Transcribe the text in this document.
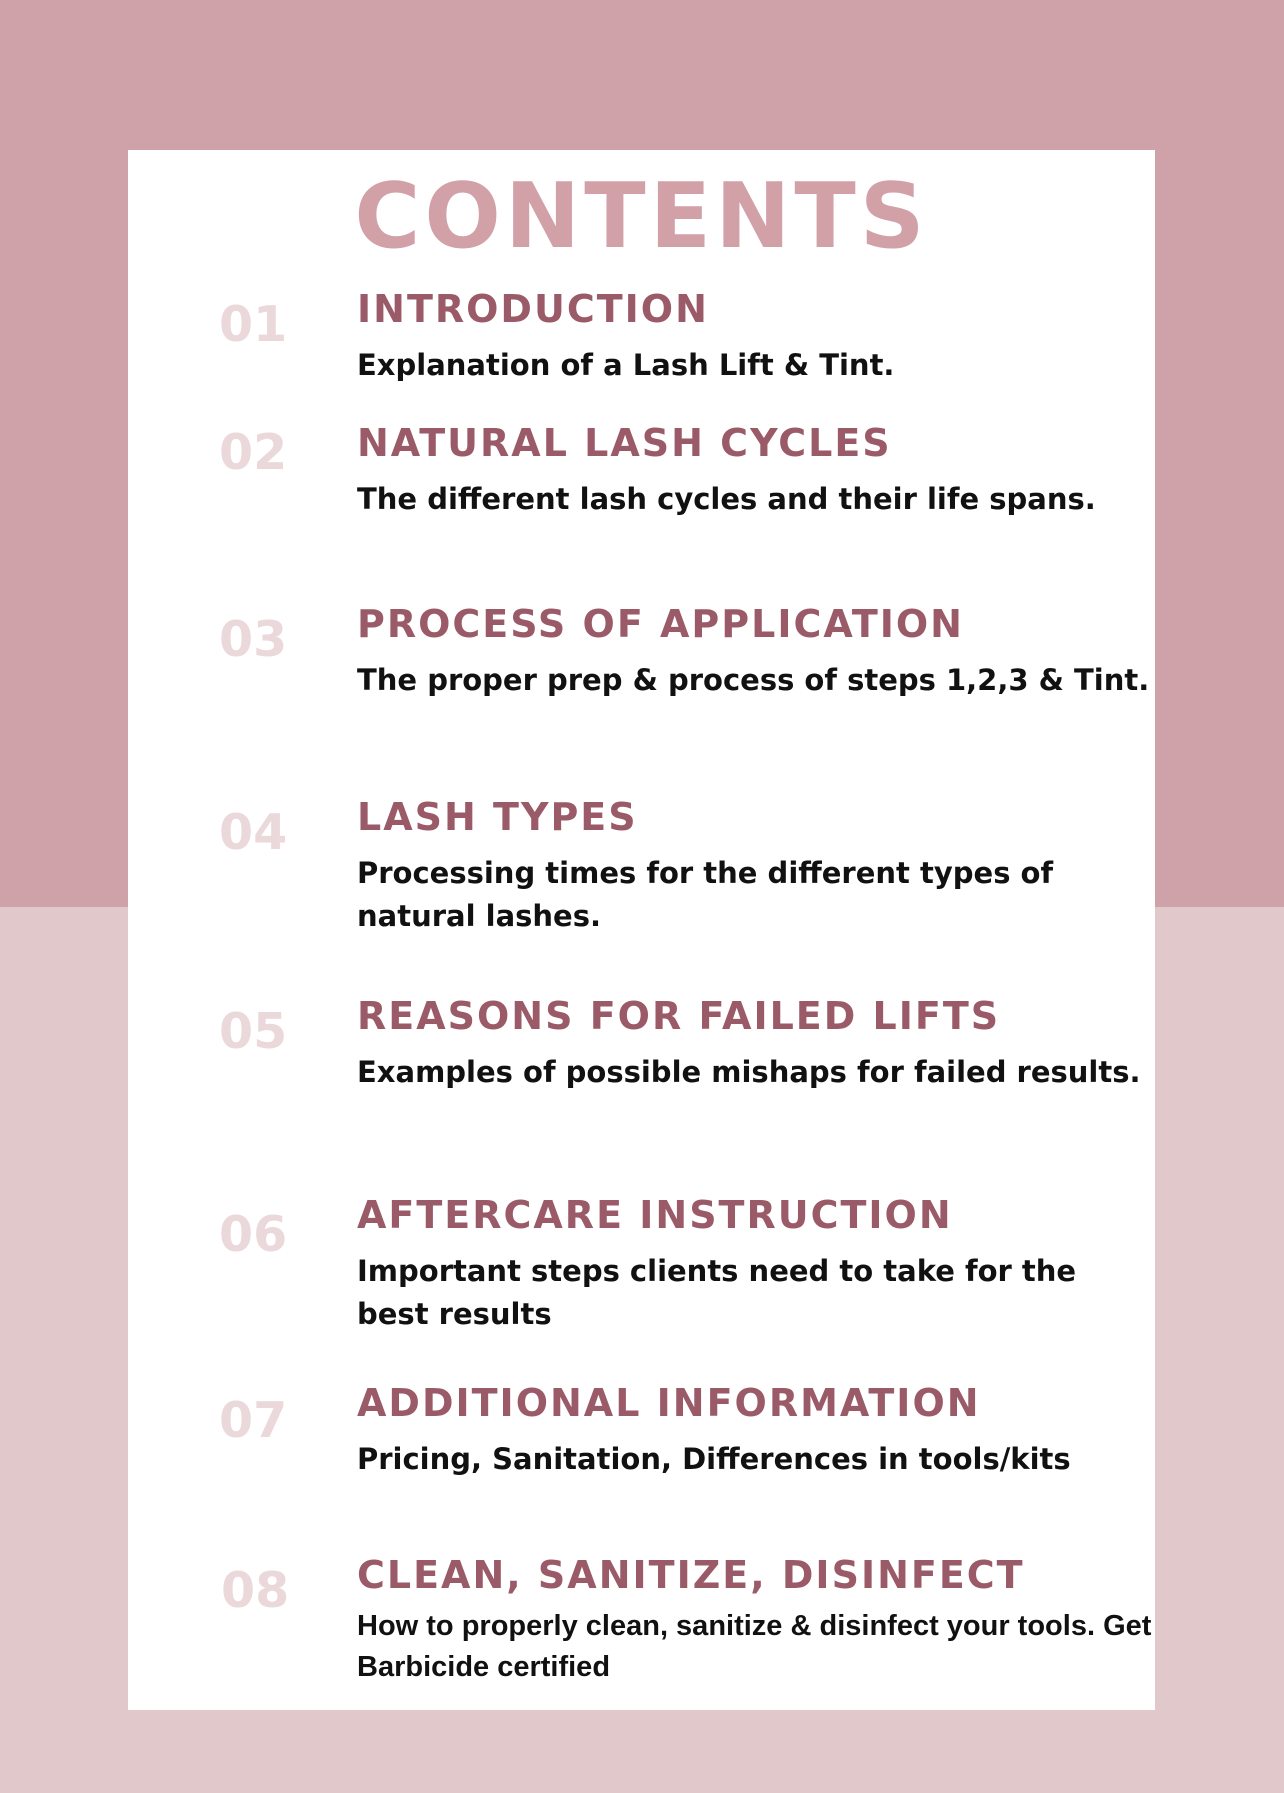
CONTENTS
01 INTRODUCTION
Explanation of a Lash Lift & Tint.
02 NATURAL LASH CYCLES
The different lash cycles and their life spans.
03 PROCESS OF APPLICATION
The proper prep & process of steps 1,2,3 & Tint.
04 LASH TYPES
Processing times for the different types of natural lashes.
05 REASONS FOR FAILED LIFTS
Examples of possible mishaps for failed results.
06 AFTERCARE INSTRUCTION
Important steps clients need to take for the best results
07 ADDITIONAL INFORMATION
Pricing, Sanitation, Differences in tools/kits
08 CLEAN, SANITIZE, DISINFECT
How to properly clean, sanitize & disinfect your tools. Get Barbicide certified
